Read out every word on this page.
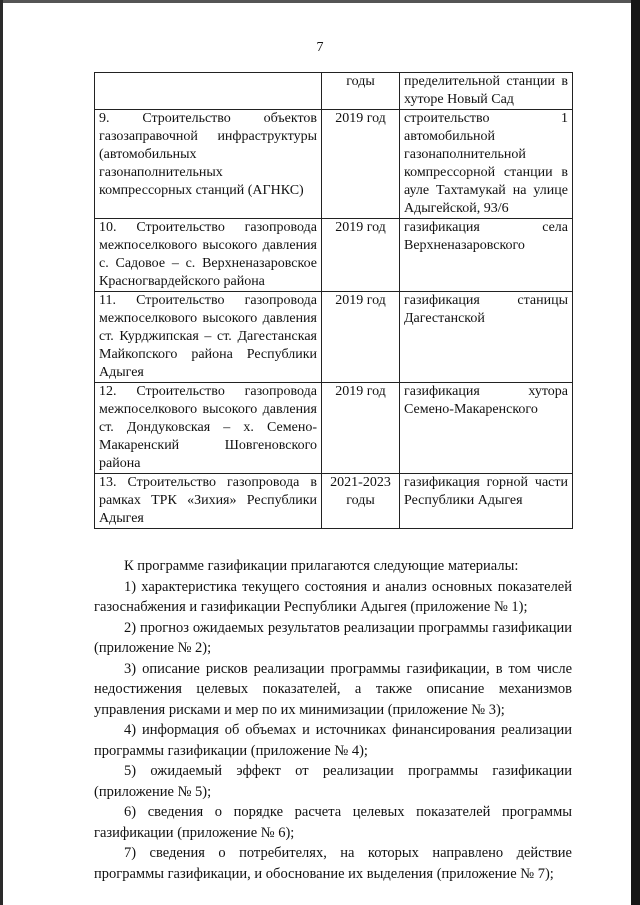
7
	годы	пределительной станции в хуторе Новый Сад
9. Строительство объектов газозаправочной инфраструктуры (автомобильных газонаполнительных компрессорных станций (АГНКС)	2019 год	строительство 1 автомобильной газонаполнительной компрессорной станции в ауле Тахтамукай на улице Адыгейской, 93/6
10. Строительство газопровода межпоселкового высокого давления с. Садовое – с. Верхненазаровское Красногвардейского района	2019 год	газификация села Верхненазаровского
11. Строительство газопровода межпоселкового высокого давления ст. Курджипская – ст. Дагестанская Майкопского района Республики Адыгея	2019 год	газификация станицы Дагестанской
12. Строительство газопровода межпоселкового высокого давления ст. Дондуковская – х. Семено-Макаренский Шовгеновского района	2019 год	газификация хутора Семено-Макаренского
13. Строительство газопровода в рамках ТРК «Зихия» Республики Адыгея	2021-2023 годы	газификация горной части Республики Адыгея

К программе газификации прилагаются следующие материалы:

1) характеристика текущего состояния и анализ основных показателей газоснабжения и газификации Республики Адыгея (приложение № 1);

2) прогноз ожидаемых результатов реализации программы газификации (приложение № 2);

3) описание рисков реализации программы газификации, в том числе недостижения целевых показателей, а также описание механизмов управления рисками и мер по их минимизации (приложение № 3);

4) информация об объемах и источниках финансирования реализации программы газификации (приложение № 4);

5) ожидаемый эффект от реализации программы газификации (приложение № 5);

6) сведения о порядке расчета целевых показателей программы газификации (приложение № 6);

7) сведения о потребителях, на которых направлено действие программы газификации, и обоснование их выделения (приложение № 7);
